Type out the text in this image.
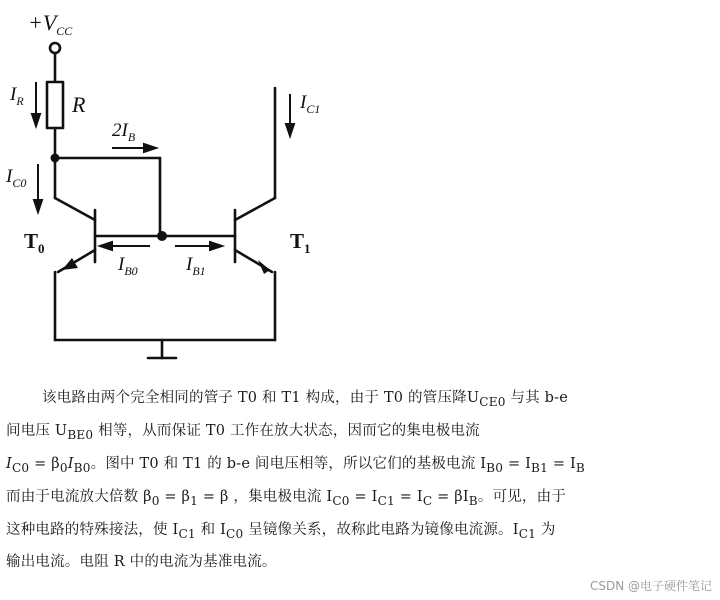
$+V_{CC}$
$I_R$ R
$2I_B$
$I_{C0}$
$I_{C1}$
$T_0$	$T_1$
$I_{B0}$	$I_{B1}$
该电路由两个完全相同的管子 T0 和 T1 构成，由于 T0 的管压降$U_{CE0}$ 与其 b-e
间电压 $U_{BE0}$ 相等，从而保证 T0 工作在放大状态，因而它的集电极电流
$I_{C0} = \beta_0I_{B0}$。图中 T0 和 T1 的 b-e 间电压相等，所以它们的基极电流 $I_{B0} = I_{B1} = I_B$
而由于电流放大倍数 $\beta_0 = \beta_1 = \beta$ ，集电极电流 $I_{C0} = I_{C1} = I_C = \beta I_B$。可见，由于
这种电路的特殊接法，使 $I_{C1}$ 和 $I_{C0}$ 呈镜像关系，故称此电路为镜像电流源。$I_{C1}$ 为
输出电流。电阻 R 中的电流为基准电流。
CSDN @电子硬件笔记
